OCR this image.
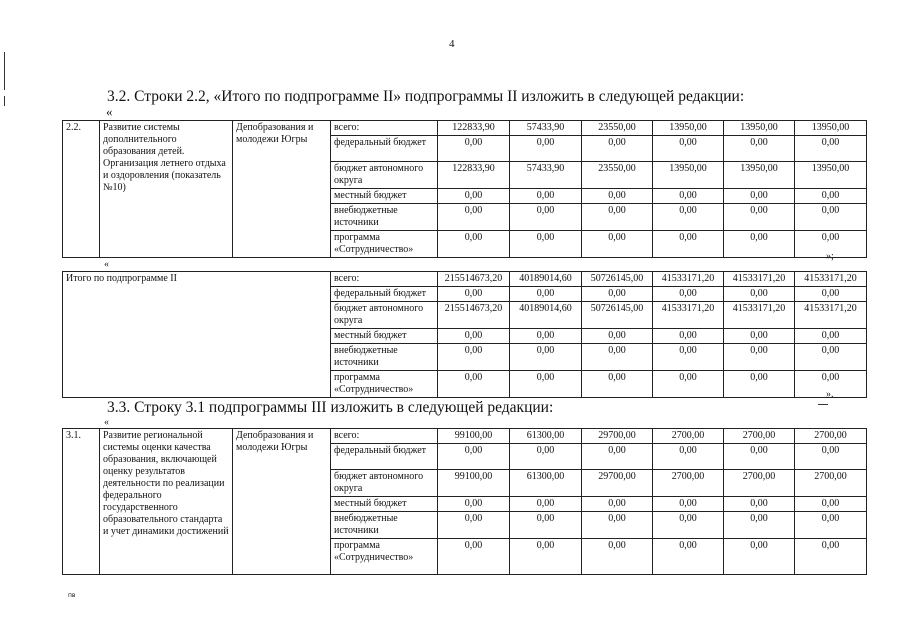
4
3.2. Строки 2.2, «Итого по подпрограмме II» подпрограммы II изложить в следующей редакции:
«
2.2.	Развитие системы дополнительного образования детей. Организация летнего отдыха и оздоровления (показатель №10)	Депобразования и молодежи Югры	всего:	122833,90	57433,90	23550,00	13950,00	13950,00	13950,00
			федеральный бюджет	0,00	0,00	0,00	0,00	0,00	0,00
			бюджет автономного округа	122833,90	57433,90	23550,00	13950,00	13950,00	13950,00
			местный бюджет	0,00	0,00	0,00	0,00	0,00	0,00
			внебюджетные источники	0,00	0,00	0,00	0,00	0,00	0,00
			программа «Сотрудничество»	0,00	0,00	0,00	0,00	0,00	0,00
»;
«
Итого по подпрограмме II	всего:	215514673,20	40189014,60	50726145,00	41533171,20	41533171,20	41533171,20
	федеральный бюджет	0,00	0,00	0,00	0,00	0,00	0,00
	бюджет автономного округа	215514673,20	40189014,60	50726145,00	41533171,20	41533171,20	41533171,20
	местный бюджет	0,00	0,00	0,00	0,00	0,00	0,00
	внебюджетные источники	0,00	0,00	0,00	0,00	0,00	0,00
	программа «Сотрудничество»	0,00	0,00	0,00	0,00	0,00	0,00
».
3.3. Строку 3.1 подпрограммы III изложить в следующей редакции:
«
3.1.	Развитие региональной системы оценки качества образования, включающей оценку результатов деятельности по реализации федерального государственного образовательного стандарта и учет динамики достижений	Депобразования и молодежи Югры	всего:	99100,00	61300,00	29700,00	2700,00	2700,00	2700,00
			федеральный бюджет	0,00	0,00	0,00	0,00	0,00	0,00
			бюджет автономного округа	99100,00	61300,00	29700,00	2700,00	2700,00	2700,00
			местный бюджет	0,00	0,00	0,00	0,00	0,00	0,00
			внебюджетные источники	0,00	0,00	0,00	0,00	0,00	0,00
			программа «Сотрудничество»	0,00	0,00	0,00	0,00	0,00	0,00
пв
